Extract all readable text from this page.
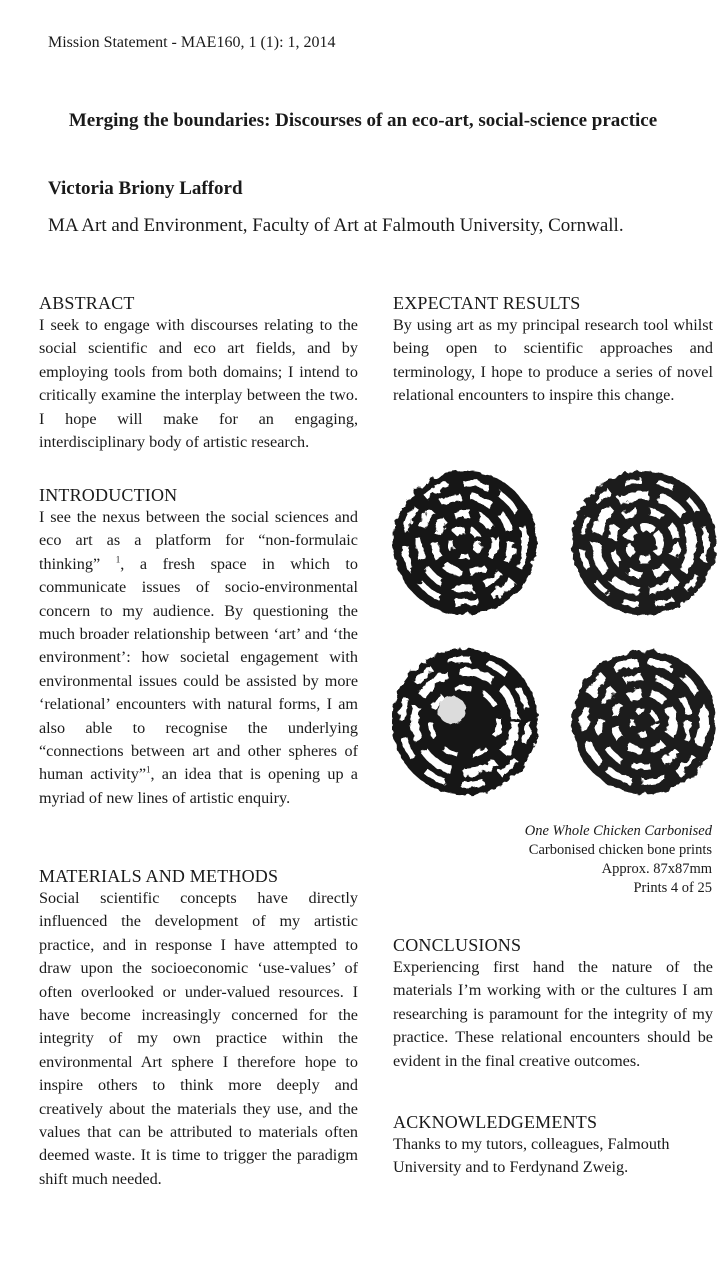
Mission Statement - MAE160, 1 (1): 1, 2014
Merging the boundaries: Discourses of an eco-art, social-science practice
Victoria Briony Lafford
MA Art and Environment, Faculty of Art at Falmouth University, Cornwall.
ABSTRACT

I seek to engage with discourses relating to the social scientific and eco art fields, and by employing tools from both domains; I intend to critically examine the interplay between the two. I hope will make for an engaging, interdisciplinary body of artistic research.

INTRODUCTION

I see the nexus between the social sciences and eco art as a platform for “non-formulaic thinking” $^1$, a fresh space in which to communicate issues of socio-environmental concern to my audience. By questioning the much broader relationship between ‘art’ and ‘the environment’: how societal engagement with environmental issues could be assisted by more ‘relational’ encounters with natural forms, I am also able to recognise the underlying “connections between art and other spheres of human activity”$^1$, an idea that is opening up a myriad of new lines of artistic enquiry.

MATERIALS AND METHODS

Social scientific concepts have directly influenced the development of my artistic practice, and in response I have attempted to draw upon the socioeconomic ‘use-values’ of often overlooked or under-valued resources. I have become increasingly concerned for the integrity of my own practice within the environmental Art sphere I therefore hope to inspire others to think more deeply and creatively about the materials they use, and the values that can be attributed to materials often deemed waste. It is time to trigger the paradigm shift much needed.

EXPECTANT RESULTS

By using art as my principal research tool whilst being open to scientific approaches and terminology, I hope to produce a series of novel relational encounters to inspire this change.

One Whole Chicken Carbonised
Carbonised chicken bone prints
Approx. 87x87mm
Prints 4 of 25
CONCLUSIONS

Experiencing first hand the nature of the materials I’m working with or the cultures I am researching is paramount for the integrity of my practice. These relational encounters should be evident in the final creative outcomes.

ACKNOWLEDGEMENTS

Thanks to my tutors, colleagues, Falmouth University and to Ferdynand Zweig.
